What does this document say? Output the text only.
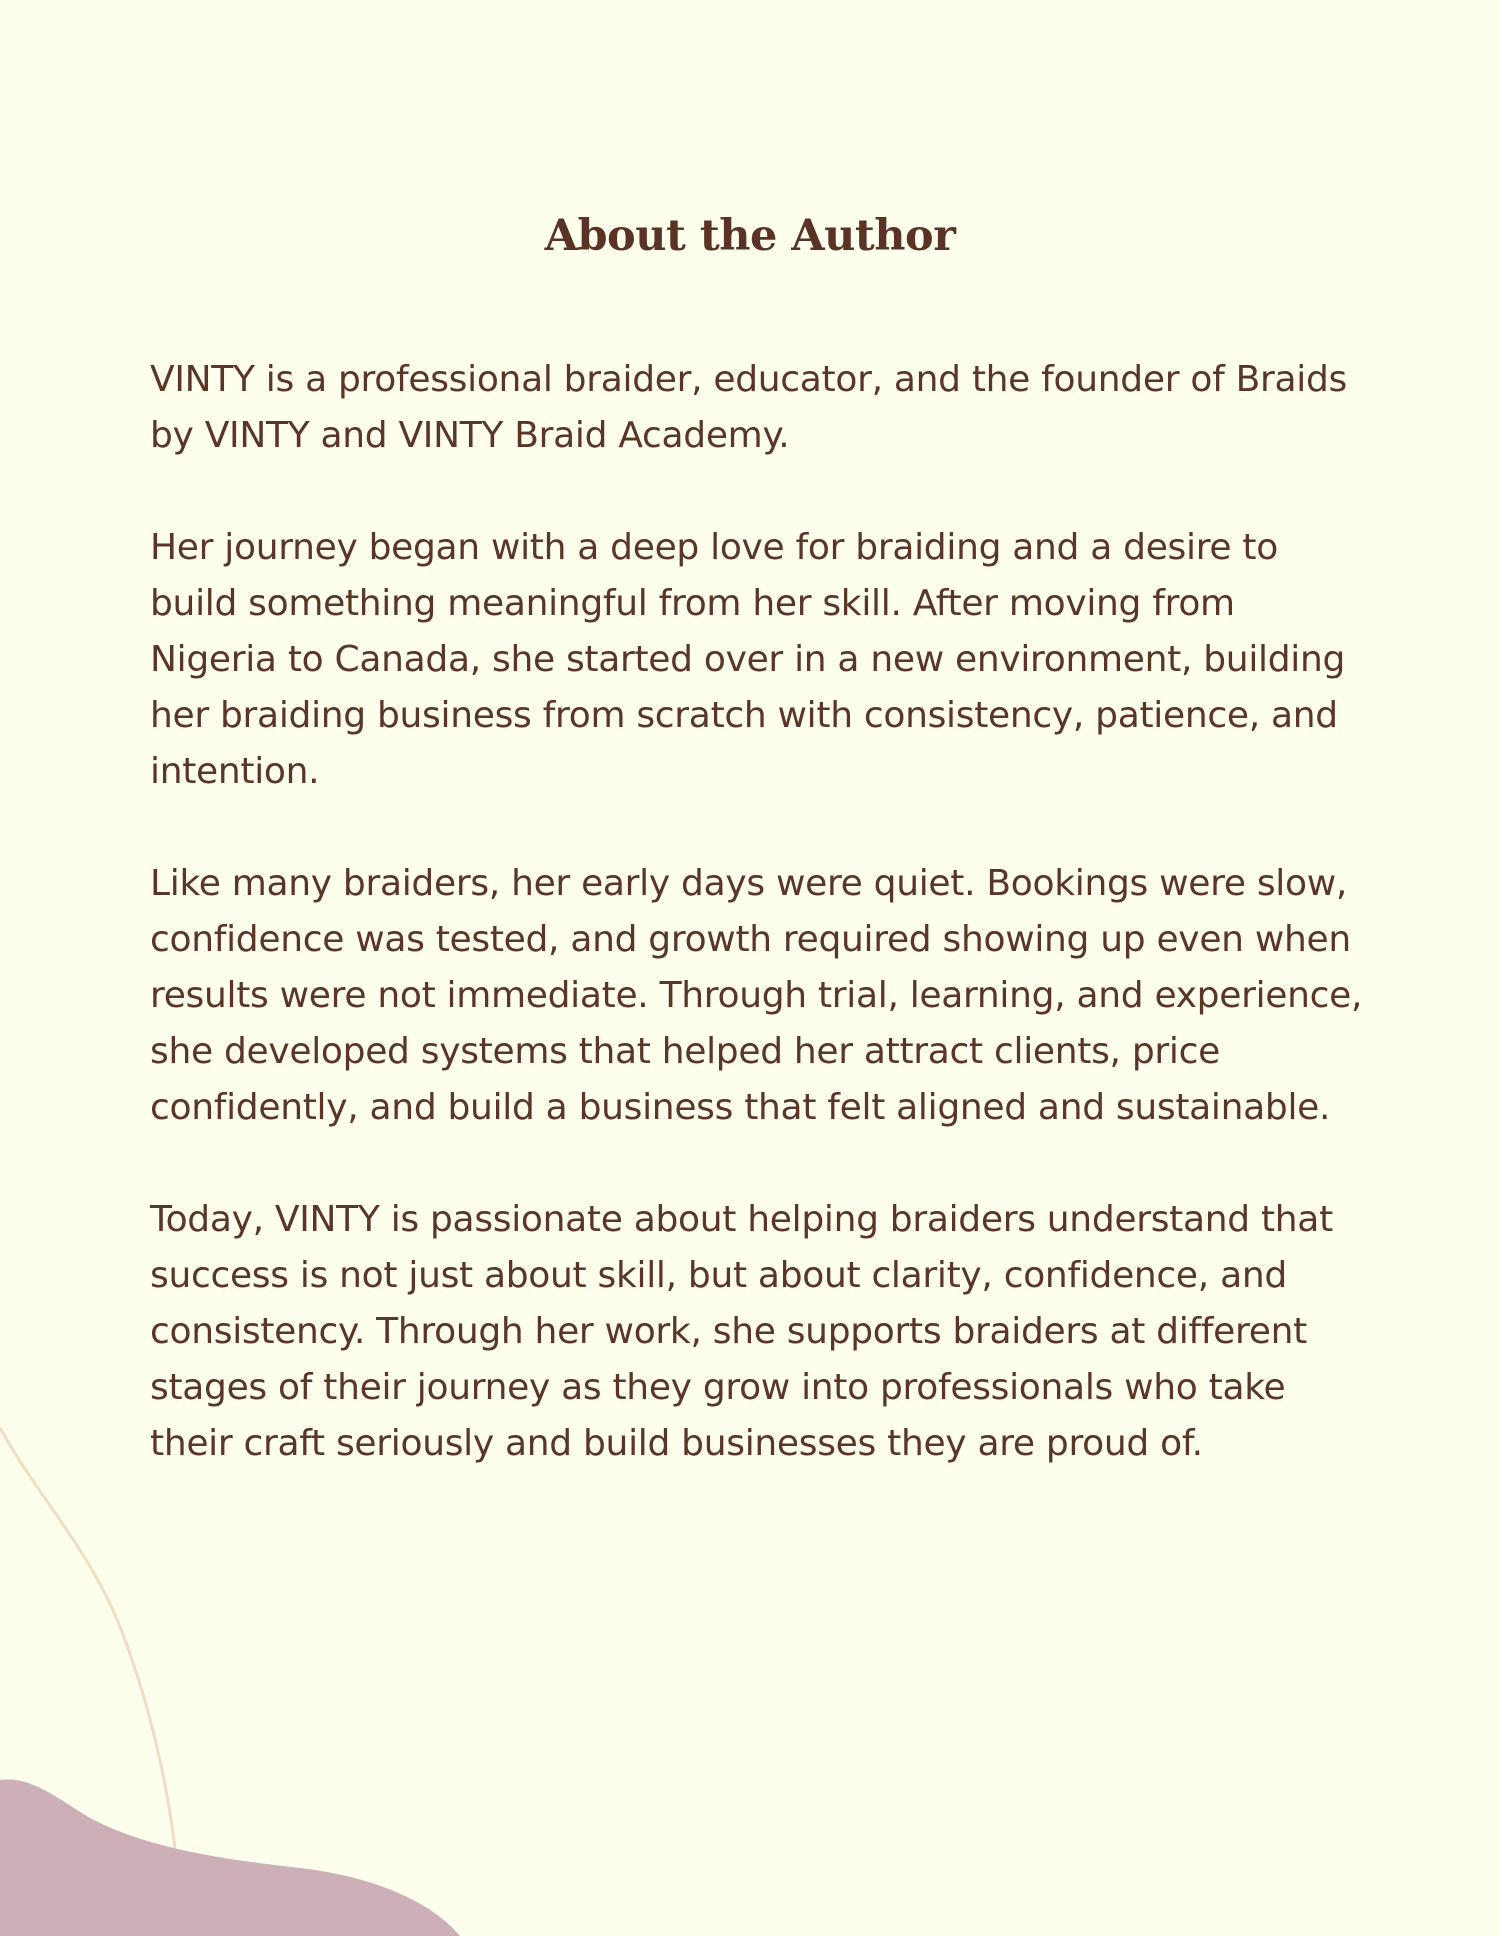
About the Author

VINTY is a professional braider, educator, and the founder of Braids by VINTY and VINTY Braid Academy.

Her journey began with a deep love for braiding and a desire to build something meaningful from her skill. After moving from Nigeria to Canada, she started over in a new environment, building her braiding business from scratch with consistency, patience, and intention.

Like many braiders, her early days were quiet. Bookings were slow, confidence was tested, and growth required showing up even when results were not immediate. Through trial, learning, and experience, she developed systems that helped her attract clients, price confidently, and build a business that felt aligned and sustainable.

Today, VINTY is passionate about helping braiders understand that success is not just about skill, but about clarity, confidence, and consistency. Through her work, she supports braiders at different stages of their journey as they grow into professionals who take their craft seriously and build businesses they are proud of.
